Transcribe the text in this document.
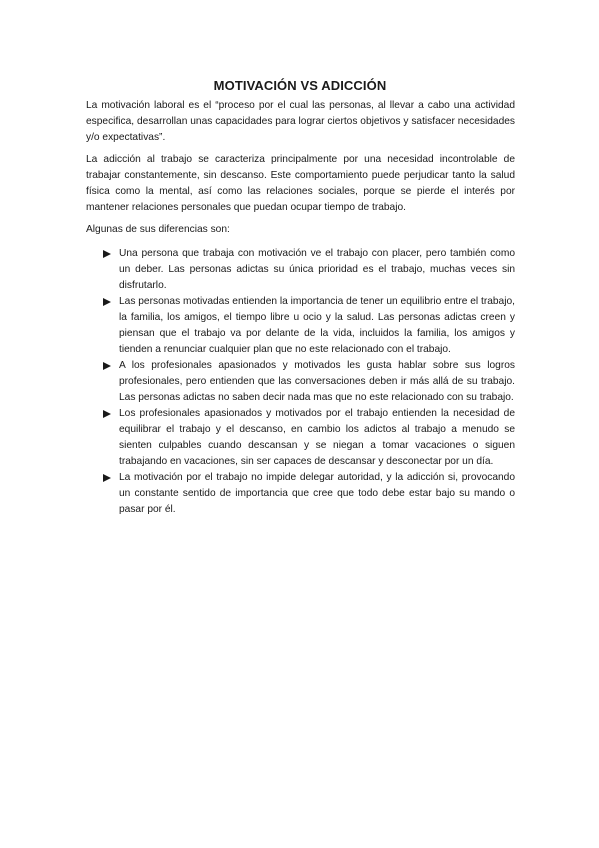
MOTIVACIÓN VS ADICCIÓN

La motivación laboral es el “proceso por el cual las personas, al llevar a cabo una actividad especifica, desarrollan unas capacidades para lograr ciertos objetivos y satisfacer necesidades y/o expectativas”.

La adicción al trabajo se caracteriza principalmente por una necesidad incontrolable de trabajar constantemente, sin descanso. Este comportamiento puede perjudicar tanto la salud física como la mental, así como las relaciones sociales, porque se pierde el interés por mantener relaciones personales que puedan ocupar tiempo de trabajo.

Algunas de sus diferencias son:

Una persona que trabaja con motivación ve el trabajo con placer, pero también como un deber. Las personas adictas su única prioridad es el trabajo, muchas veces sin disfrutarlo.
Las personas motivadas entienden la importancia de tener un equilibrio entre el trabajo, la familia, los amigos, el tiempo libre u ocio y la salud. Las personas adictas creen y piensan que el trabajo va por delante de la vida, incluidos la familia, los amigos y tienden a renunciar cualquier plan que no este relacionado con el trabajo.
A los profesionales apasionados y motivados les gusta hablar sobre sus logros profesionales, pero entienden que las conversaciones deben ir más allá de su trabajo. Las personas adictas no saben decir nada mas que no este relacionado con su trabajo.
Los profesionales apasionados y motivados por el trabajo entienden la necesidad de equilibrar el trabajo y el descanso, en cambio los adictos al trabajo a menudo se sienten culpables cuando descansan y se niegan a tomar vacaciones o siguen trabajando en vacaciones, sin ser capaces de descansar y desconectar por un día.
La motivación por el trabajo no impide delegar autoridad, y la adicción si, provocando un constante sentido de importancia que cree que todo debe estar bajo su mando o pasar por él.
